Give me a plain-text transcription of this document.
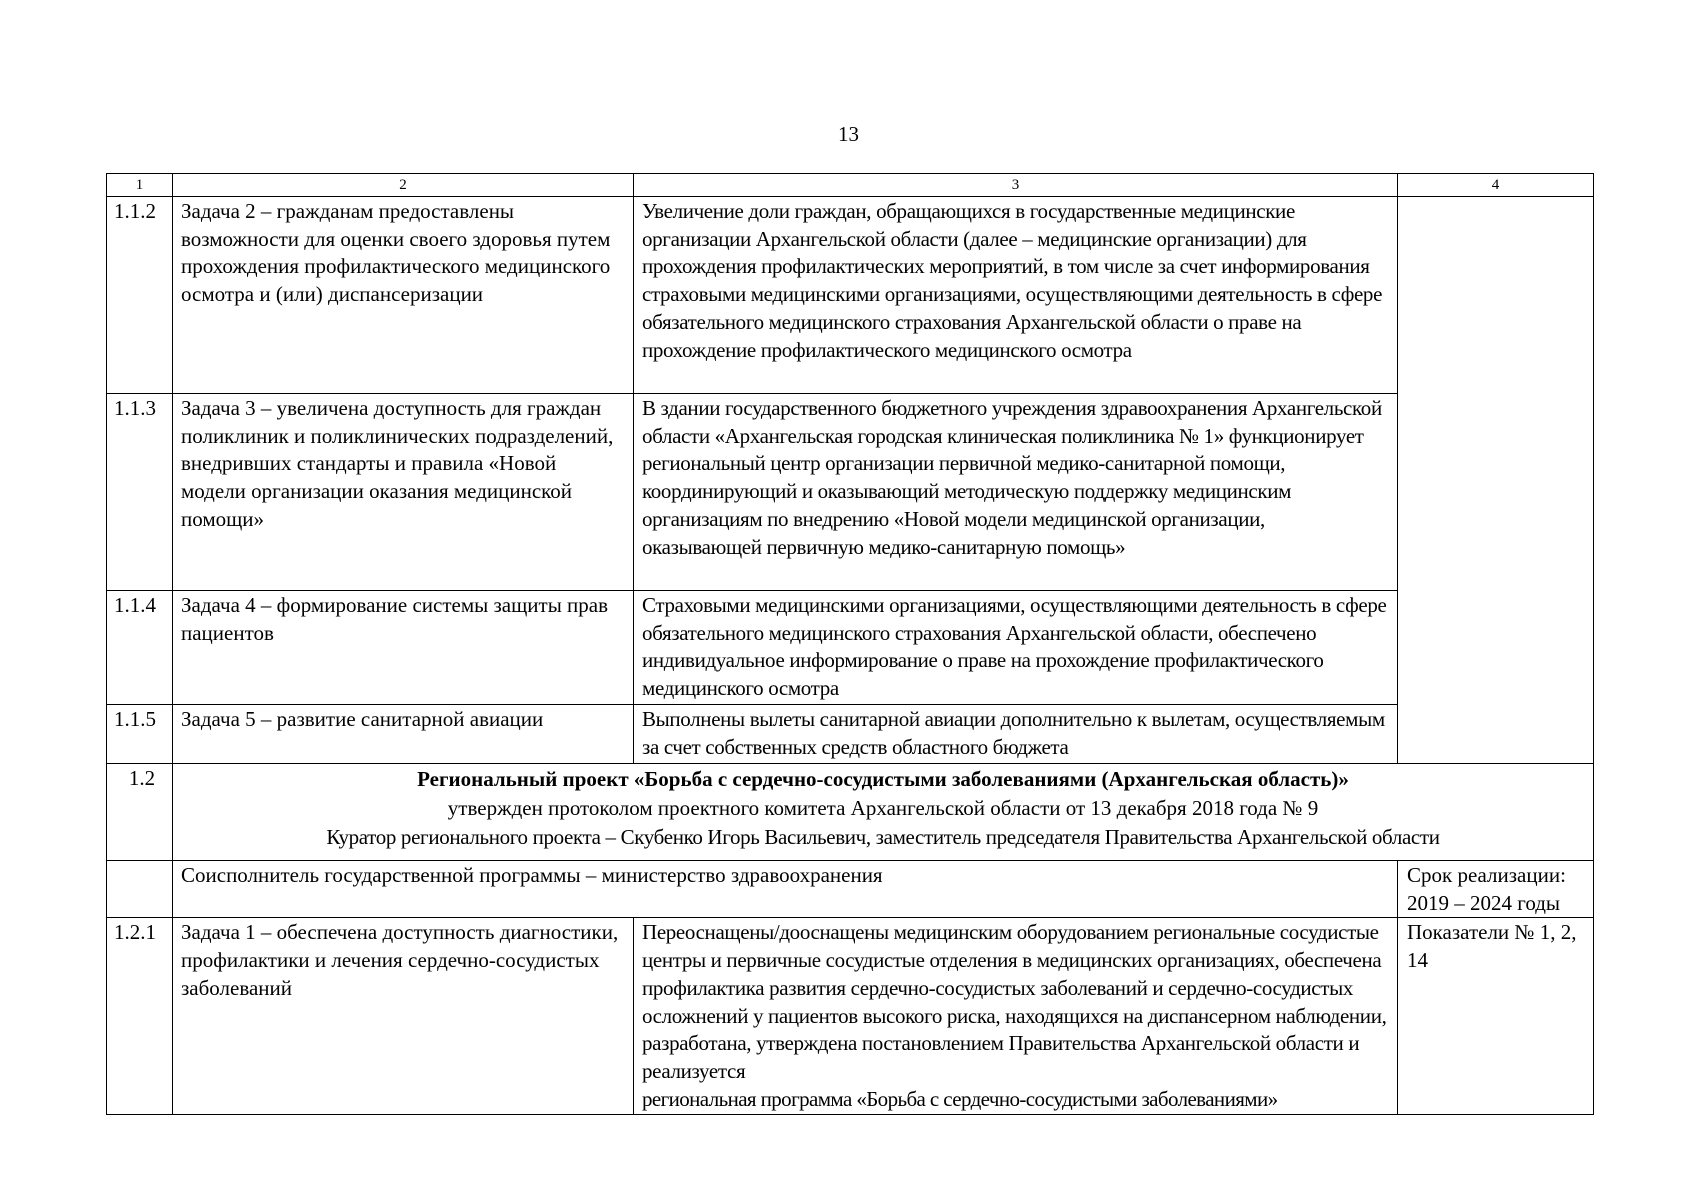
13
1	2	3	4
1.1.2	Задача 2 – гражданам предоставлены возможности для оценки своего здоровья путем прохождения профилактического медицинского осмотра и (или) диспансеризации	Увеличение доли граждан, обращающихся в государственные медицинские организации Архангельской области (далее – медицинские организации) для прохождения профилактических мероприятий, в том числе за счет информирования страховыми медицинскими организациями, осуществляющими деятельность в сфере обязательного медицинского страхования Архангельской области о праве на прохождение профилактического медицинского осмотра	
1.1.3	Задача 3 – увеличена доступность для граждан поликлиник и поликлинических подразделений, внедривших стандарты и правила «Новой модели организации оказания медицинской помощи»	В здании государственного бюджетного учреждения здравоохранения Архангельской области «Архангельская городская клиническая поликлиника № 1» функционирует региональный центр организации первичной медико-санитарной помощи, координирующий и оказывающий методическую поддержку медицинским организациям по внедрению «Новой модели медицинской организации, оказывающей первичную медико-санитарную помощь»	
1.1.4	Задача 4 – формирование системы защиты прав пациентов	Страховыми медицинскими организациями, осуществляющими деятельность в сфере обязательного медицинского страхования Архангельской области, обеспечено индивидуальное информирование о праве на прохождение профилактического медицинского осмотра	
1.1.5	Задача 5 – развитие санитарной авиации	Выполнены вылеты санитарной авиации дополнительно к вылетам, осуществляемым за счет собственных средств областного бюджета	
1.2	Региональный проект «Борьба с сердечно-сосудистыми заболеваниями (Архангельская область)»
утвержден протоколом проектного комитета Архангельской области от 13 декабря 2018 года № 9
Куратор регионального проекта – Скубенко Игорь Васильевич, заместитель председателя Правительства Архангельской области		

	Соисполнитель государственной программы – министерство здравоохранения		Срок реализации:
2019 – 2024 годы

1.2.1	Задача 1 – обеспечена доступность диагностики, профилактики и лечения сердечно-сосудистых заболеваний	Переоснащены/дооснащены медицинским оборудованием региональные сосудистые центры и первичные сосудистые отделения в медицинских организациях, обеспечена профилактика развития сердечно-сосудистых заболеваний и сердечно-сосудистых осложнений у пациентов высокого риска, находящихся на диспансерном наблюдении, разработана, утверждена постановлением Правительства Архангельской области и реализуется
региональная программа «Борьба с сердечно-сосудистыми заболеваниями»	Показатели № 1, 2, 14
